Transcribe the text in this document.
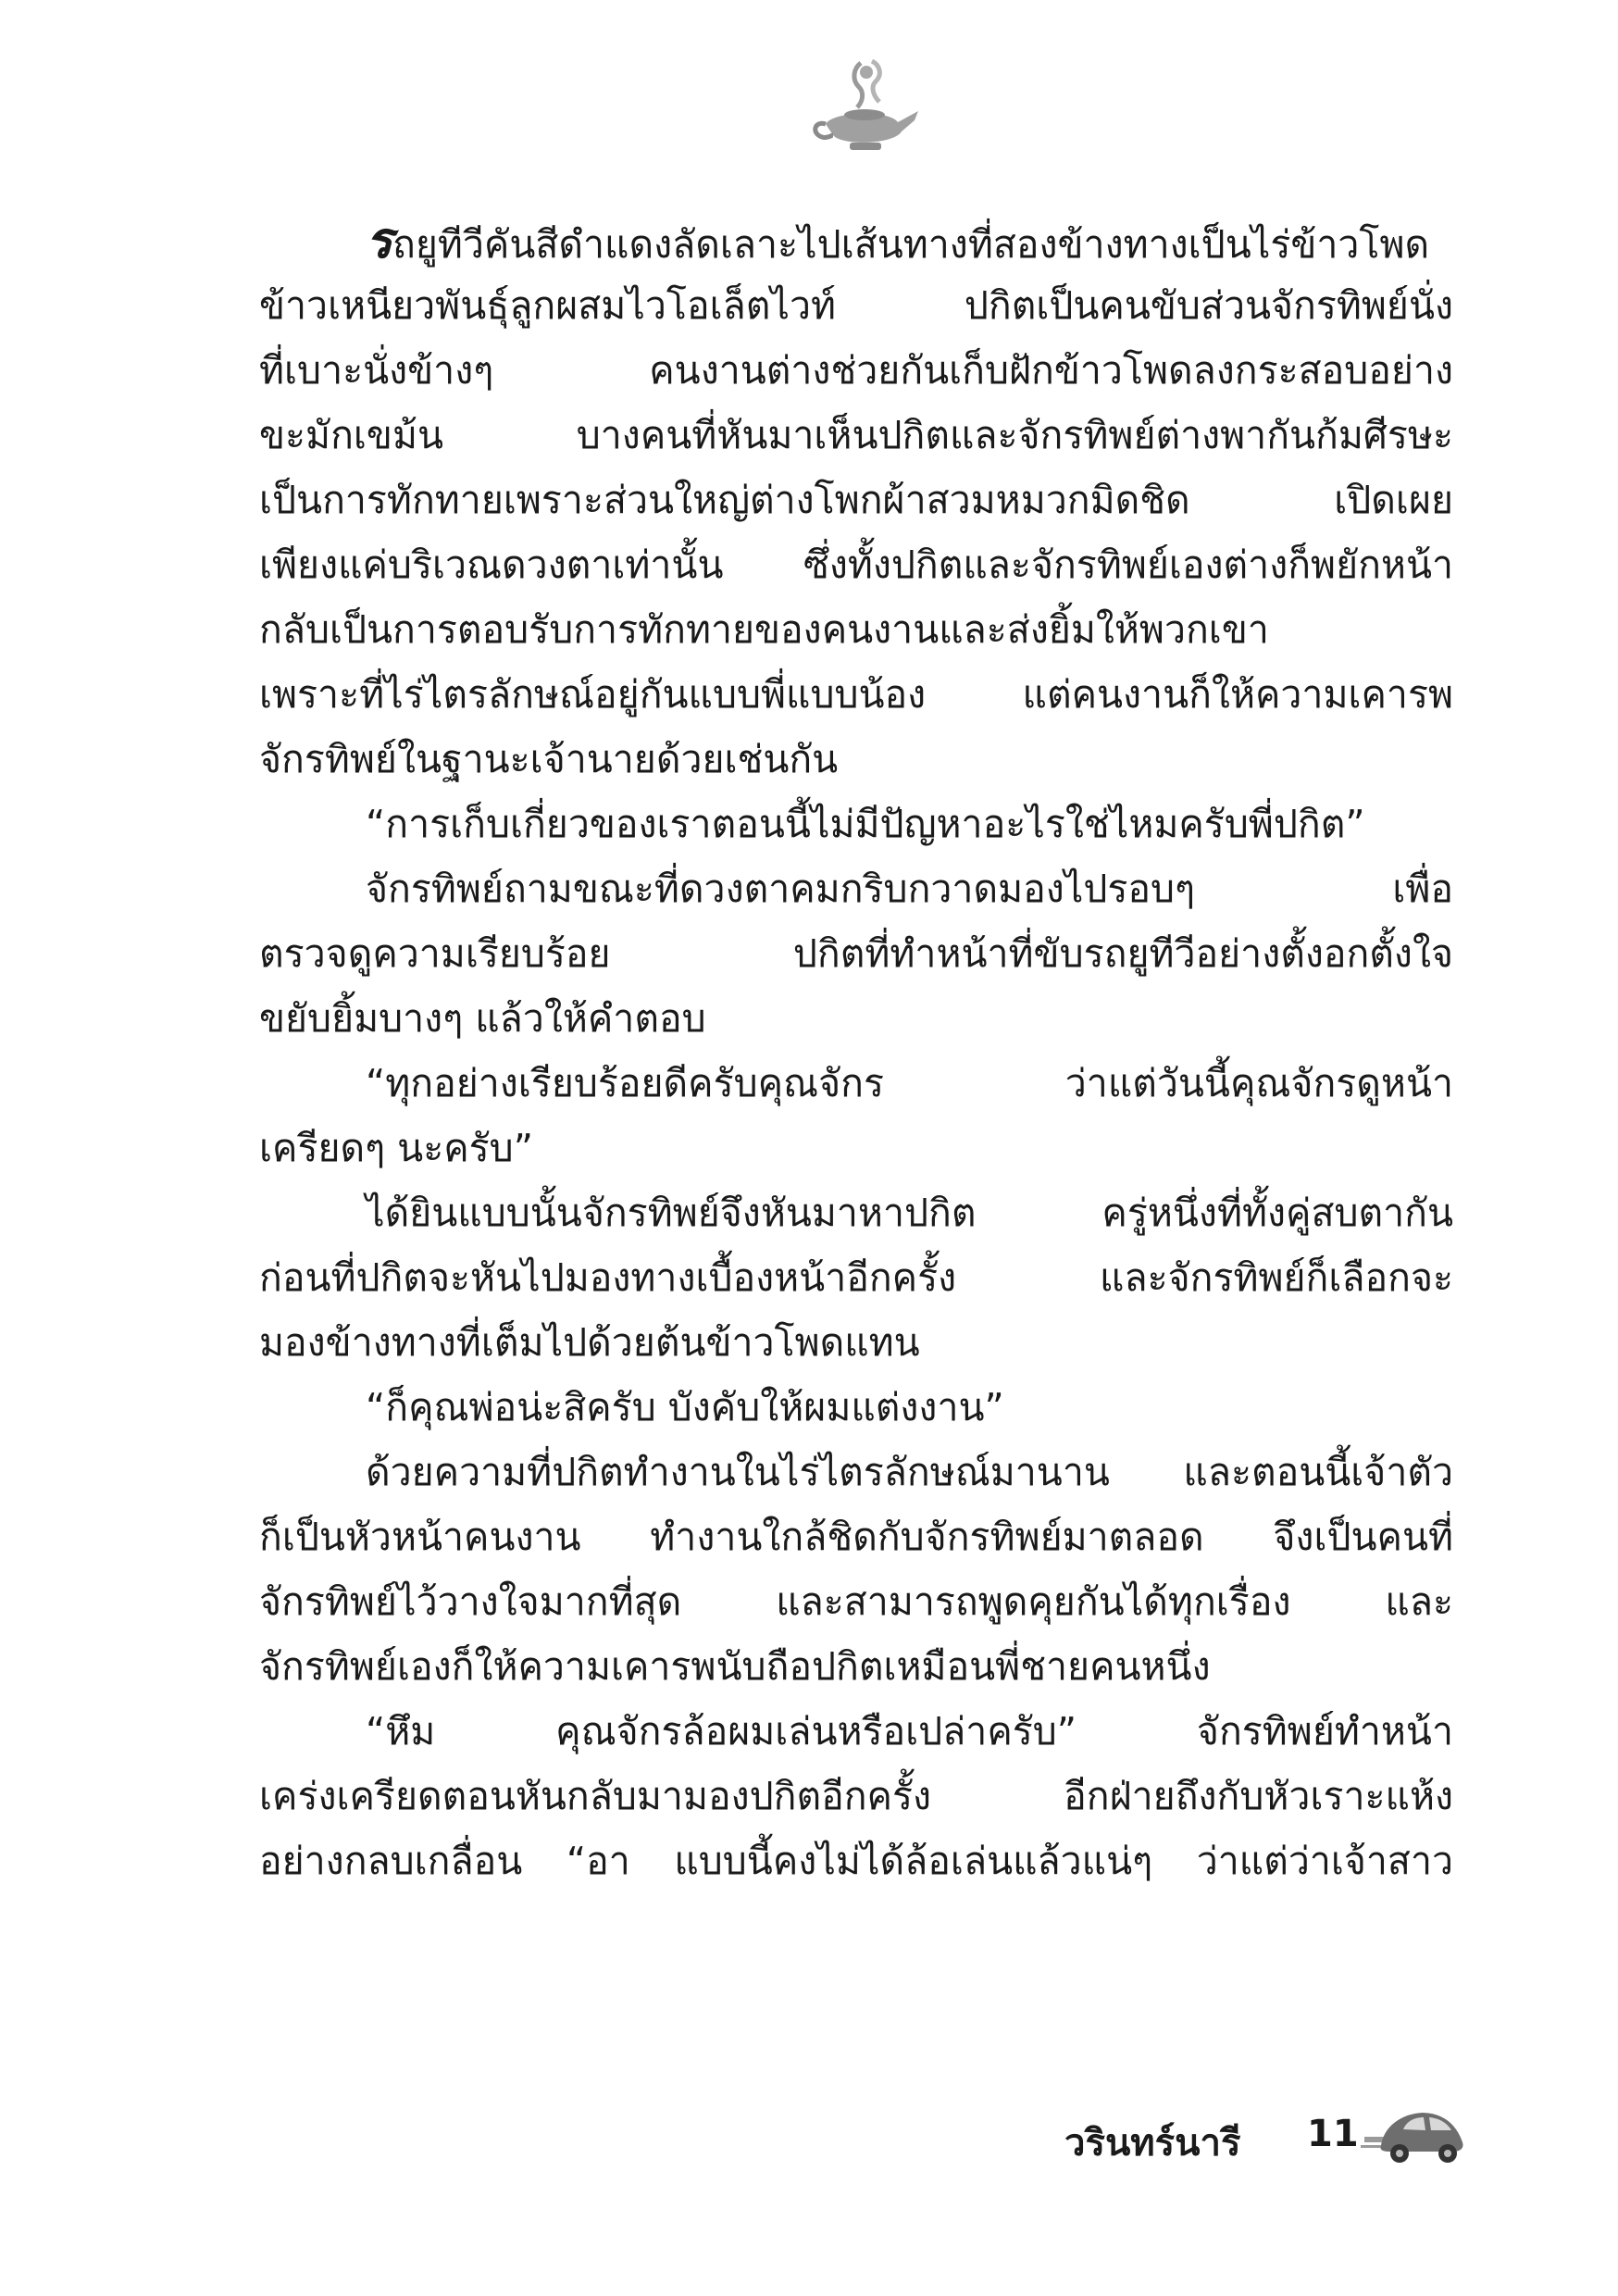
รถยูทีวีคันสีดำแดงลัดเลาะไปเส้นทางที่สองข้างทางเป็นไร่ข้าวโพด
ข้าวเหนียวพันธุ์ลูกผสมไวโอเล็ตไวท์ ปกิตเป็นคนขับส่วนจักรทิพย์นั่ง
ที่เบาะนั่งข้างๆ คนงานต่างช่วยกันเก็บฝักข้าวโพดลงกระสอบอย่าง
ขะมักเขม้น บางคนที่หันมาเห็นปกิตและจักรทิพย์ต่างพากันก้มศีรษะ
เป็นการทักทายเพราะส่วนใหญ่ต่างโพกผ้าสวมหมวกมิดชิด เปิดเผย
เพียงแค่บริเวณดวงตาเท่านั้น ซึ่งทั้งปกิตและจักรทิพย์เองต่างก็พยักหน้า
กลับเป็นการตอบรับการทักทายของคนงานและส่งยิ้มให้พวกเขา
เพราะที่ไร่ไตรลักษณ์อยู่กันแบบพี่แบบน้อง แต่คนงานก็ให้ความเคารพ
จักรทิพย์ในฐานะเจ้านายด้วยเช่นกัน
“การเก็บเกี่ยวของเราตอนนี้ไม่มีปัญหาอะไรใช่ไหมครับพี่ปกิต”
จักรทิพย์ถามขณะที่ดวงตาคมกริบกวาดมองไปรอบๆ เพื่อ
ตรวจดูความเรียบร้อย ปกิตที่ทำหน้าที่ขับรถยูทีวีอย่างตั้งอกตั้งใจ
ขยับยิ้มบางๆ แล้วให้คำตอบ
“ทุกอย่างเรียบร้อยดีครับคุณจักร ว่าแต่วันนี้คุณจักรดูหน้า
เครียดๆ นะครับ”
ได้ยินแบบนั้นจักรทิพย์จึงหันมาหาปกิต ครู่หนึ่งที่ทั้งคู่สบตากัน
ก่อนที่ปกิตจะหันไปมองทางเบื้องหน้าอีกครั้ง และจักรทิพย์ก็เลือกจะ
มองข้างทางที่เต็มไปด้วยต้นข้าวโพดแทน
“ก็คุณพ่อน่ะสิครับ บังคับให้ผมแต่งงาน”
ด้วยความที่ปกิตทำงานในไร่ไตรลักษณ์มานาน และตอนนี้เจ้าตัว
ก็เป็นหัวหน้าคนงาน ทำงานใกล้ชิดกับจักรทิพย์มาตลอด จึงเป็นคนที่
จักรทิพย์ไว้วางใจมากที่สุด และสามารถพูดคุยกันได้ทุกเรื่อง และ
จักรทิพย์เองก็ให้ความเคารพนับถือปกิตเหมือนพี่ชายคนหนึ่ง
“หึม คุณจักรล้อผมเล่นหรือเปล่าครับ” จักรทิพย์ทำหน้า
เคร่งเครียดตอนหันกลับมามองปกิตอีกครั้ง อีกฝ่ายถึงกับหัวเราะแห้ง
อย่างกลบเกลื่อน “อา แบบนี้คงไม่ได้ล้อเล่นแล้วแน่ๆ ว่าแต่ว่าเจ้าสาว
วรินทร์นารี 11
